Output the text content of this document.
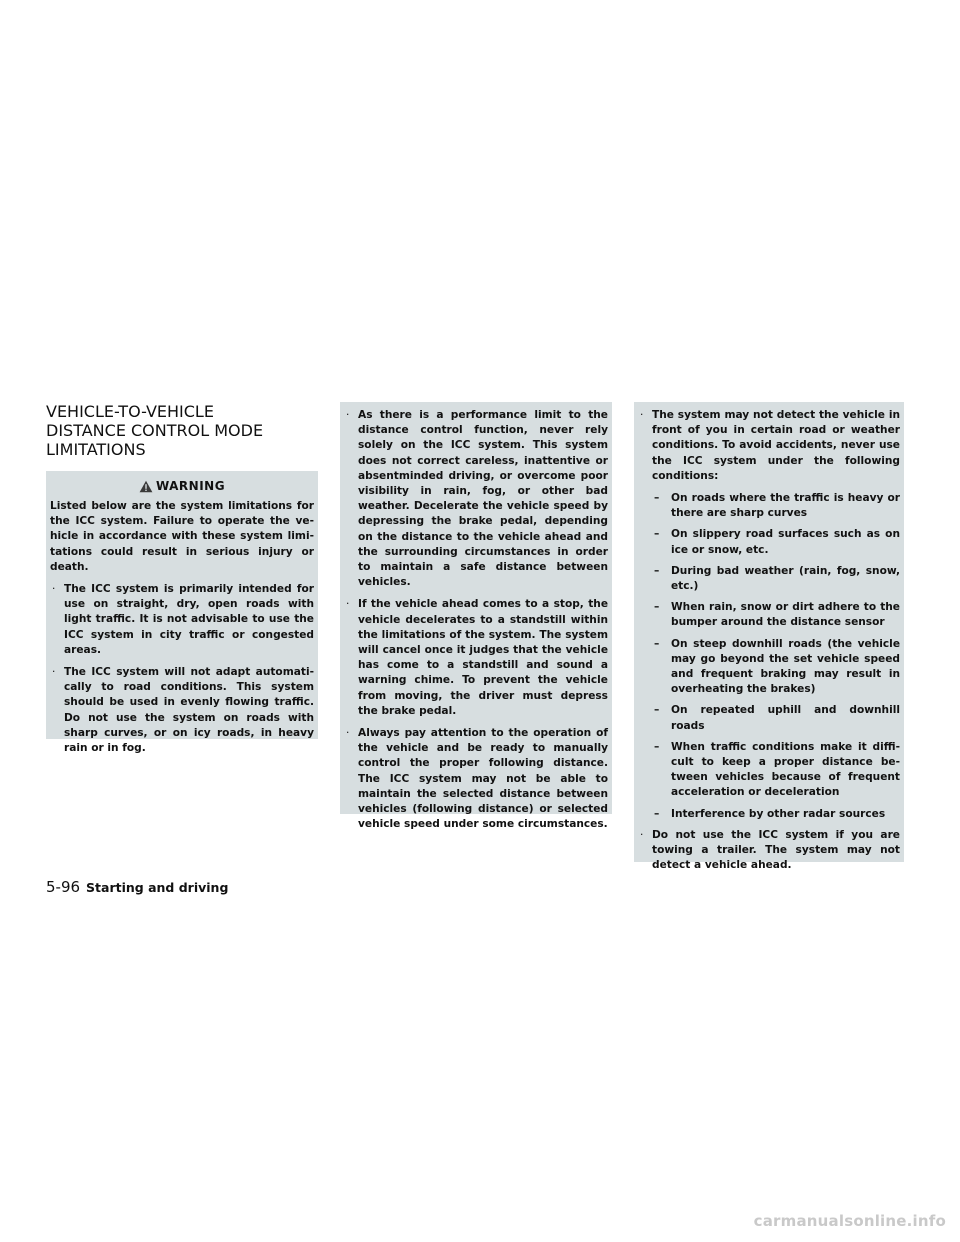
VEHICLE-TO-VEHICLE
DISTANCE CONTROL MODE
LIMITATIONS
WARNING

Listed below are the system limitations for the ICC system. Failure to operate the vehicle in accordance with these system limitations could result in serious injury or death.

· The ICC system is primarily intended for use on straight, dry, open roads with light traffic. It is not advisable to use the ICC system in city traffic or congested areas.
· The ICC system will not adapt automatically to road conditions. This system should be used in evenly flowing traffic. Do not use the system on roads with sharp curves, or on icy roads, in heavy rain or in fog.
· As there is a performance limit to the distance control function, never rely solely on the ICC system. This system does not correct careless, inattentive or absentminded driving, or overcome poor visibility in rain, fog, or other bad weather. Decelerate the vehicle speed by depressing the brake pedal, depending on the distance to the vehicle ahead and the surrounding circumstances in order to maintain a safe distance between vehicles.
· If the vehicle ahead comes to a stop, the vehicle decelerates to a standstill within the limitations of the system. The system will cancel once it judges that the vehicle has come to a standstill and sound a warning chime. To prevent the vehicle from moving, the driver must depress the brake pedal.
· Always pay attention to the operation of the vehicle and be ready to manually control the proper following distance. The ICC system may not be able to maintain the selected distance between vehicles (following distance) or selected vehicle speed under some circumstances.
· The system may not detect the vehicle in front of you in certain road or weather conditions. To avoid accidents, never use the ICC system under the following conditions:
– On roads where the traffic is heavy or there are sharp curves
– On slippery road surfaces such as on ice or snow, etc.
– During bad weather (rain, fog, snow, etc.)
– When rain, snow or dirt adhere to the bumper around the distance sensor
– On steep downhill roads (the vehicle may go beyond the set vehicle speed and frequent braking may result in overheating the brakes)
– On repeated uphill and downhill roads
– When traffic conditions make it difficult to keep a proper distance between vehicles because of frequent acceleration or deceleration
– Interference by other radar sources
· Do not use the ICC system if you are towing a trailer. The system may not detect a vehicle ahead.
5-96 Starting and driving
carmanualsonline.info
